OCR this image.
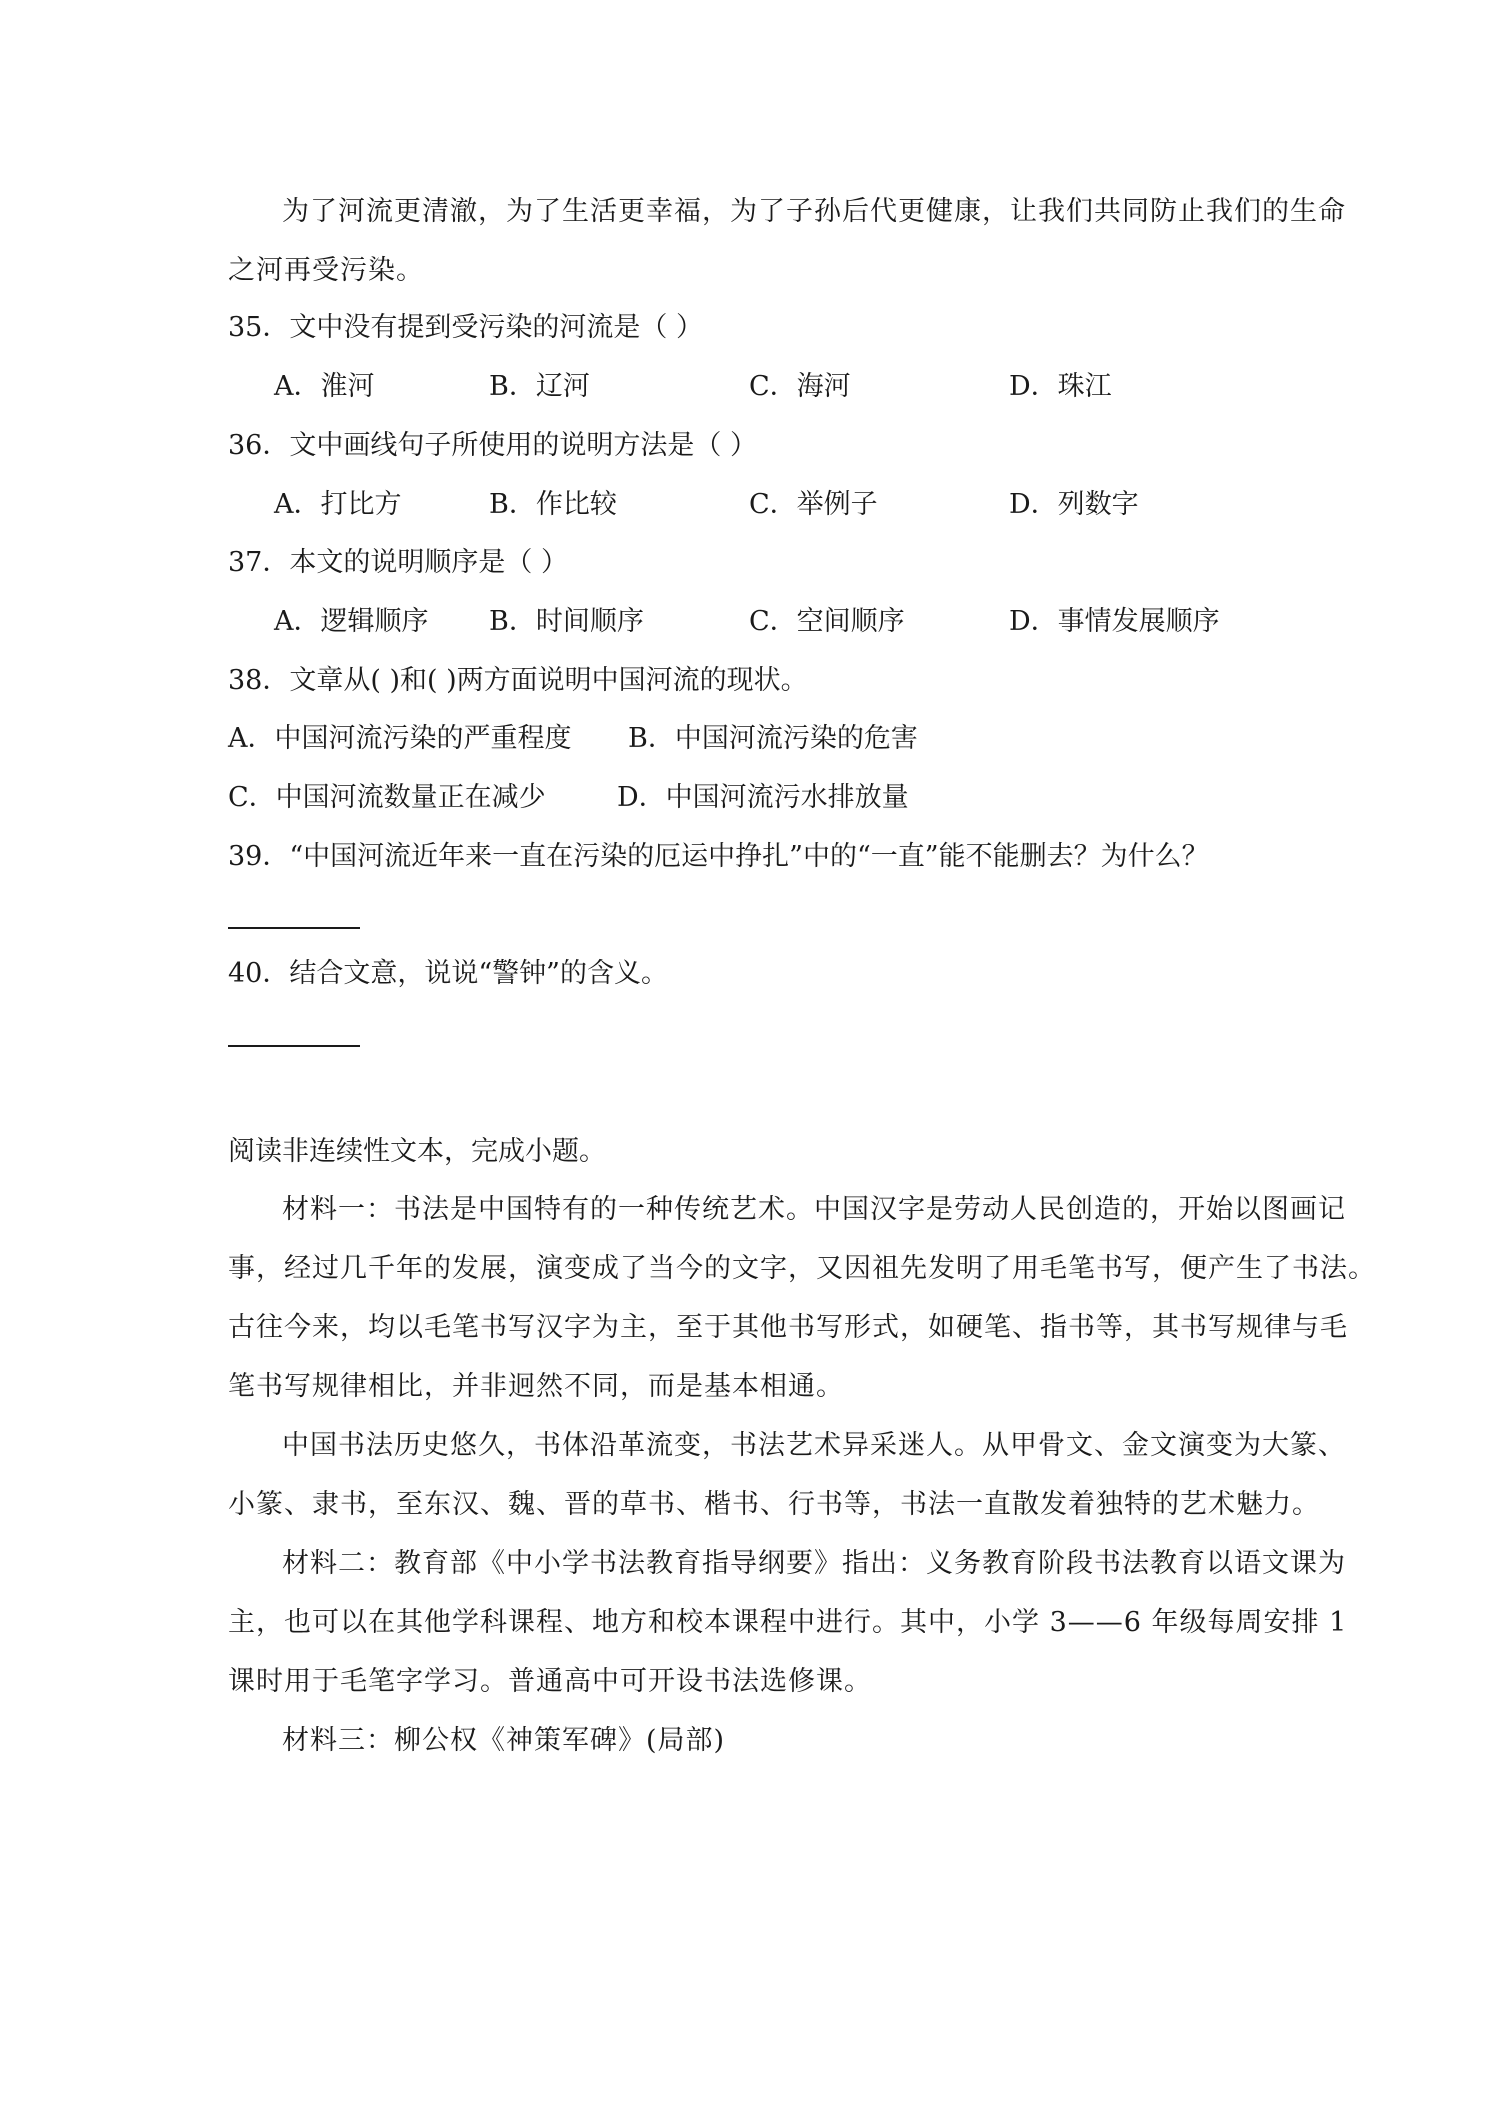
为了河流更清澈，为了生活更幸福，为了子孙后代更健康，让我们共同防止我们的生命
之河再受污染。
35．文中没有提到受污染的河流是（ ）
A．淮河	B．辽河	C．海河	D．珠江
36．文中画线句子所使用的说明方法是（ ）
A．打比方	B．作比较	C．举例子	D．列数字
37．本文的说明顺序是（ ）
A．逻辑顺序 B．时间顺序	C．空间顺序	D．事情发展顺序
38．文章从( )和( )两方面说明中国河流的现状。
A．中国河流污染的严重程度 B．中国河流污染的危害
C．中国河流数量正在减少	D．中国河流污水排放量
39．“中国河流近年来一直在污染的厄运中挣扎”中的“一直”能不能删去？为什么？
40．结合文意，说说“警钟”的含义。
阅读非连续性文本，完成小题。
材料一：书法是中国特有的一种传统艺术。中国汉字是劳动人民创造的，开始以图画记
事，经过几千年的发展，演变成了当今的文字，又因祖先发明了用毛笔书写，便产生了书法。
古往今来，均以毛笔书写汉字为主，至于其他书写形式，如硬笔、指书等，其书写规律与毛
笔书写规律相比，并非迥然不同，而是基本相通。
中国书法历史悠久，书体沿革流变，书法艺术异采迷人。从甲骨文、金文演变为大篆、
小篆、隶书，至东汉、魏、晋的草书、楷书、行书等，书法一直散发着独特的艺术魅力。
材料二：教育部《中小学书法教育指导纲要》指出：义务教育阶段书法教育以语文课为
主，也可以在其他学科课程、地方和校本课程中进行。其中，小学 3——6 年级每周安排 1
课时用于毛笔字学习。普通高中可开设书法选修课。
材料三：柳公权《神策军碑》(局部)
